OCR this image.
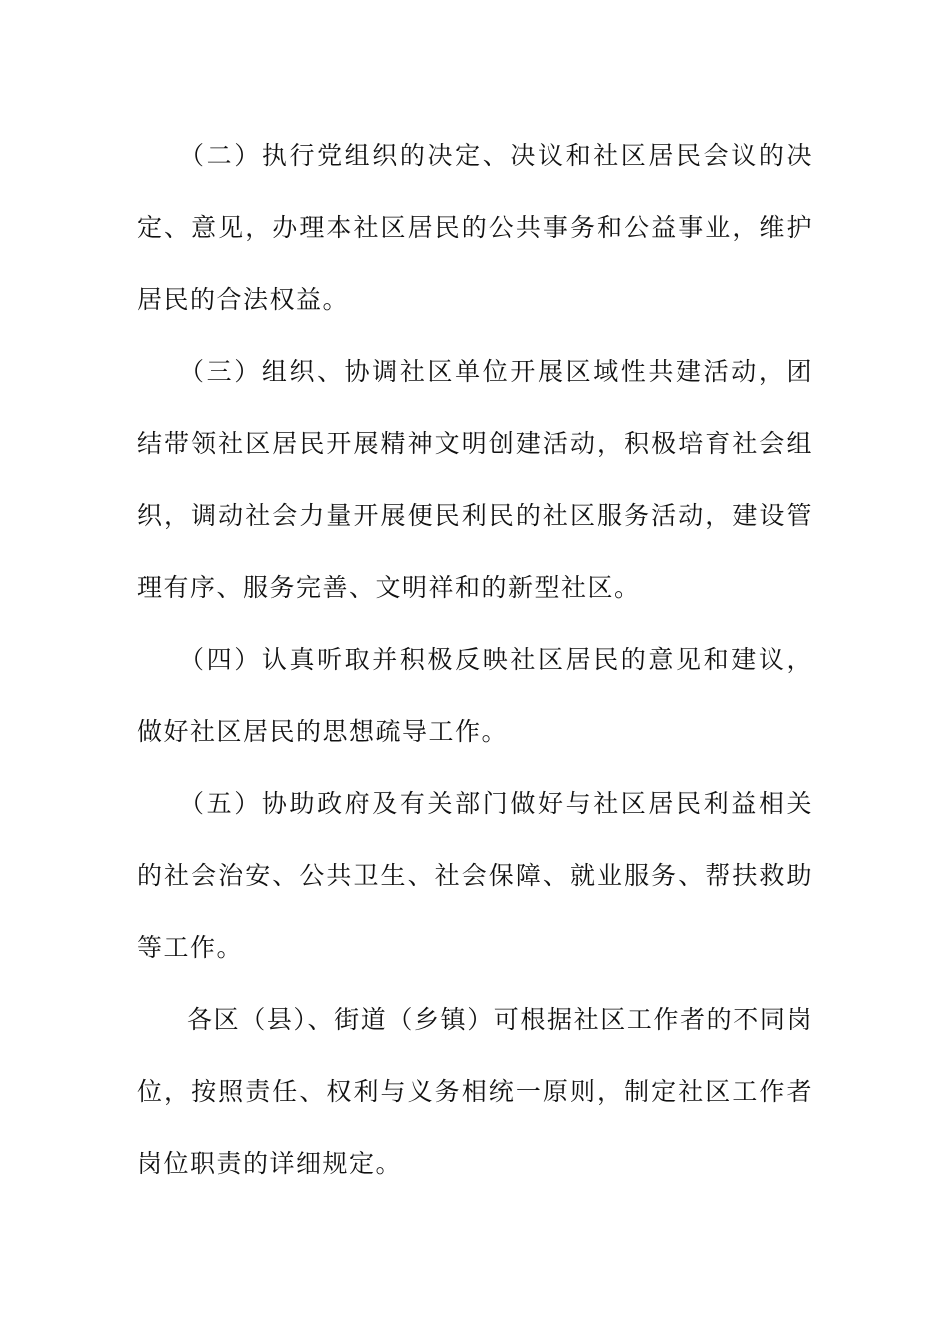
（二）执行党组织的决定、决议和社区居民会议的决定、意见，办理本社区居民的公共事务和公益事业，维护居民的合法权益。

（三）组织、协调社区单位开展区域性共建活动，团结带领社区居民开展精神文明创建活动，积极培育社会组织，调动社会力量开展便民利民的社区服务活动，建设管理有序、服务完善、文明祥和的新型社区。

（四）认真听取并积极反映社区居民的意见和建议，做好社区居民的思想疏导工作。

（五）协助政府及有关部门做好与社区居民利益相关的社会治安、公共卫生、社会保障、就业服务、帮扶救助等工作。

各区（县）、街道（乡镇）可根据社区工作者的不同岗位，按照责任、权利与义务相统一原则，制定社区工作者岗位职责的详细规定。
